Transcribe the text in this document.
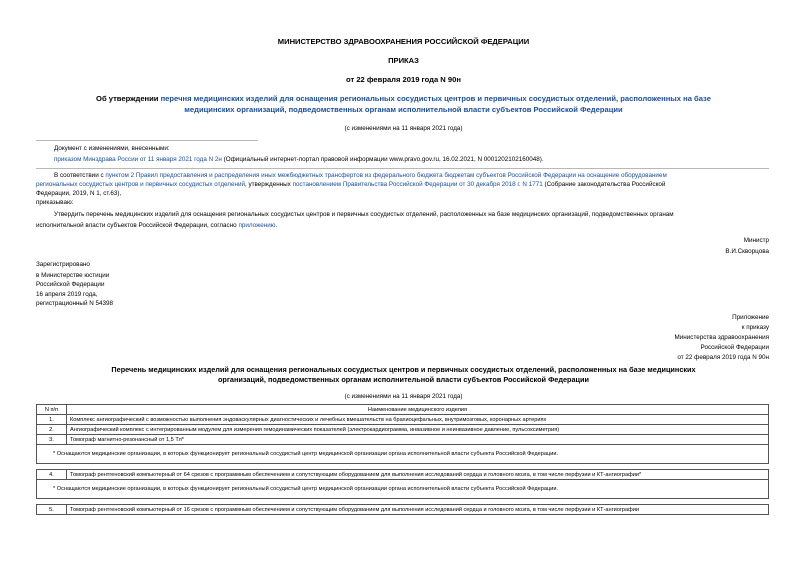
МИНИСТЕРСТВО ЗДРАВООХРАНЕНИЯ РОССИЙСКОЙ ФЕДЕРАЦИИ
ПРИКАЗ
от 22 февраля 2019 года N 90н
Об утверждении перечня медицинских изделий для оснащения региональных сосудистых центров и первичных сосудистых отделений, расположенных на базе
медицинских организаций, подведомственных органам исполнительной власти субъектов Российской Федерации
(с изменениями на 11 января 2021 года)
Документ с изменениями, внесенными:
приказом Минздрава России от 11 января 2021 года N 2н (Официальный интернет-портал правовой информации www.pravo.gov.ru, 16.02.2021, N 0001202102160048).
В соответствии с пунктом 2 Правил предоставления и распределения иных межбюджетных трансфертов из федерального бюджета бюджетам субъектов Российской Федерации на оснащение оборудованием
региональных сосудистых центров и первичных сосудистых отделений, утвержденных постановлением Правительства Российской Федерации от 30 декабря 2018 г. N 1771 (Собрание законодательства Российской
Федерации, 2019, N 1, ст.63),
приказываю:
Утвердить перечень медицинских изделий для оснащения региональных сосудистых центров и первичных сосудистых отделений, расположенных на базе медицинских организаций, подведомственных органам
исполнительной власти субъектов Российской Федерации, согласно приложению.
Министр
В.И.Скворцова
Зарегистрировано
в Министерстве юстиции
Российской Федерации
16 апреля 2019 года,
регистрационный N 54398
Приложение
к приказу
Министерства здравоохранения
Российской Федерации
от 22 февраля 2019 года N 90н
Перечень медицинских изделий для оснащения региональных сосудистых центров и первичных сосудистых отделений, расположенных на базе медицинских
организаций, подведомственных органам исполнительной власти субъектов Российской Федерации
(с изменениями на 11 января 2021 года)
N п/п	Наименование медицинского изделия
1.	Комплекс ангиографический с возможностью выполнения эндоваскулярных диагностических и лечебных вмешательств на брахиоцефальных, внутримозговых, коронарных артериях
2.	Ангиографический комплекс с интегрированным модулем для измерения гемодинамических показателей (электрокардиограмма, инвазивное и неинвазивное давление, пульсоксиметрия)
3.	Томограф магнитно-резонансный от 1,5 Тл*
* Оснащаются медицинские организации, в которых функционирует региональный сосудистый центр медицинской организации органа исполнительной власти субъекта Российской Федерации.	

4.	Томограф рентгеновский компьютерный от 64 срезов с программным обеспечением и сопутствующим оборудованием для выполнения исследований сердца и головного мозга, в том числе перфузии и КТ-ангиографии*
* Оснащаются медицинские организации, в которых функционирует региональный сосудистый центр медицинской организации органа исполнительной власти субъекта Российской Федерации.	

5.	Томограф рентгеновский компьютерный от 16 срезов с программным обеспечением и сопутствующим оборудованием для выполнения исследований сердца и головного мозга, в том числе перфузии и КТ-ангиографии
